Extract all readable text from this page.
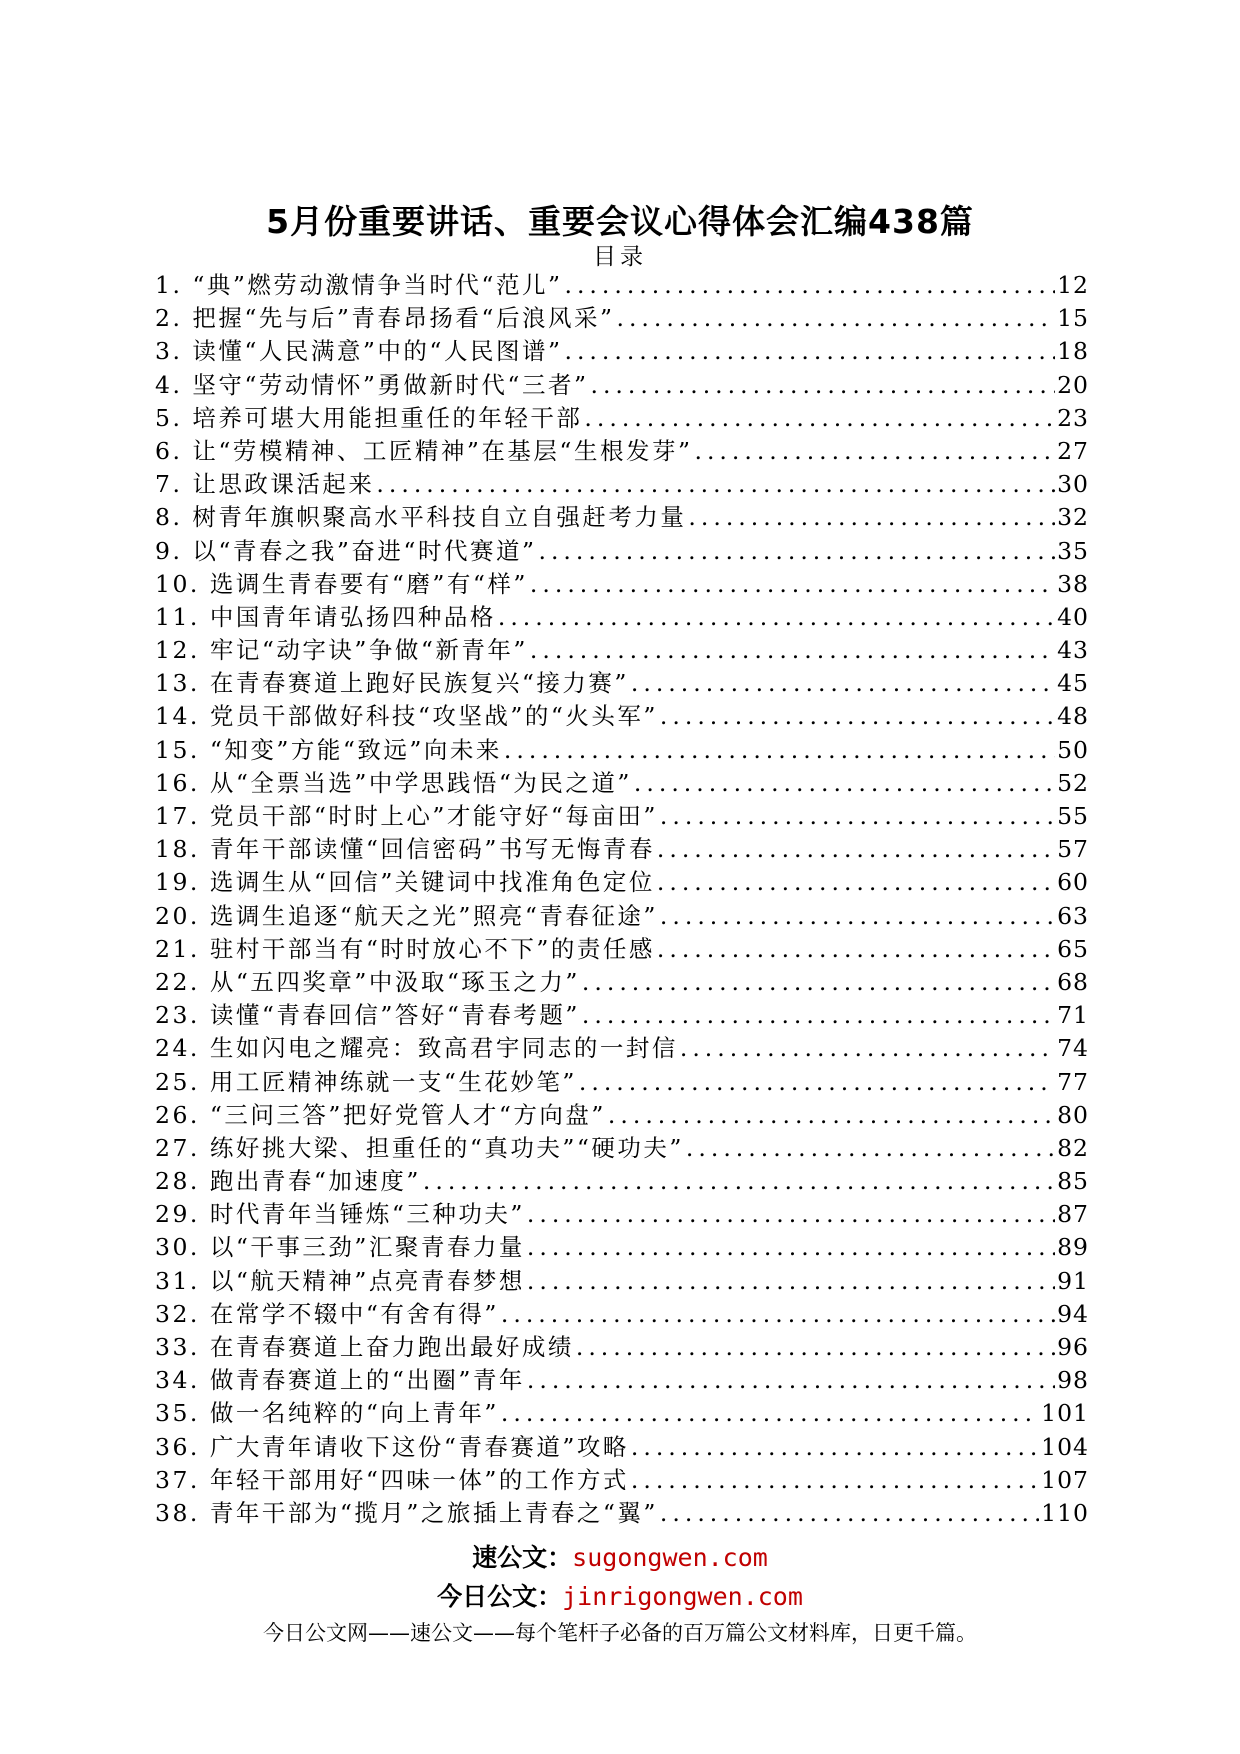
5月份重要讲话、重要会议心得体会汇编438篇
目录
1. “典”燃劳动激情争当时代“范儿” .....	12
2. 把握“先与后”青春昂扬看“后浪风采” .....	15
3. 读懂“人民满意”中的“人民图谱” .....	18
4. 坚守“劳动情怀”勇做新时代“三者” .....	20
5. 培养可堪大用能担重任的年轻干部 .....	23
6. 让“劳模精神、工匠精神”在基层“生根发芽” .....	27
7. 让思政课活起来 .....	30
8. 树青年旗帜聚高水平科技自立自强赶考力量 .....	32
9. 以“青春之我”奋进“时代赛道” .....	35
10. 选调生青春要有“磨”有“样” .....	38
11. 中国青年请弘扬四种品格 .....	40
12. 牢记“动字诀”争做“新青年” .....	43
13. 在青春赛道上跑好民族复兴“接力赛” .....	45
14. 党员干部做好科技“攻坚战”的“火头军” .....	48
15. “知变”方能“致远”向未来 .....	50
16. 从“全票当选”中学思践悟“为民之道” .....	52
17. 党员干部“时时上心”才能守好“每亩田” .....	55
18. 青年干部读懂“回信密码”书写无悔青春 .....	57
19. 选调生从“回信”关键词中找准角色定位 .....	60
20. 选调生追逐“航天之光”照亮“青春征途” .....	63
21. 驻村干部当有“时时放心不下”的责任感 .....	65
22. 从“五四奖章”中汲取“琢玉之力” .....	68
23. 读懂“青春回信”答好“青春考题” .....	71
24. 生如闪电之耀亮：致高君宇同志的一封信 .....	74
25. 用工匠精神练就一支“生花妙笔” .....	77
26. “三问三答”把好党管人才“方向盘” .....	80
27. 练好挑大梁、担重任的“真功夫”“硬功夫” .....	82
28. 跑出青春“加速度” .....	85
29. 时代青年当锤炼“三种功夫” .....	87
30. 以“干事三劲”汇聚青春力量 .....	89
31. 以“航天精神”点亮青春梦想 .....	91
32. 在常学不辍中“有舍有得” .....	94
33. 在青春赛道上奋力跑出最好成绩 .....	96
34. 做青春赛道上的“出圈”青年 .....	98
35. 做一名纯粹的“向上青年” .....	101
36. 广大青年请收下这份“青春赛道”攻略 .....	104
37. 年轻干部用好“四味一体”的工作方式 .....	107
38. 青年干部为“揽月”之旅插上青春之“翼” .....	110
速公文：sugongwen.com
今日公文：jinrigongwen.com
今日公文网——速公文——每个笔杆子必备的百万篇公文材料库，日更千篇。
